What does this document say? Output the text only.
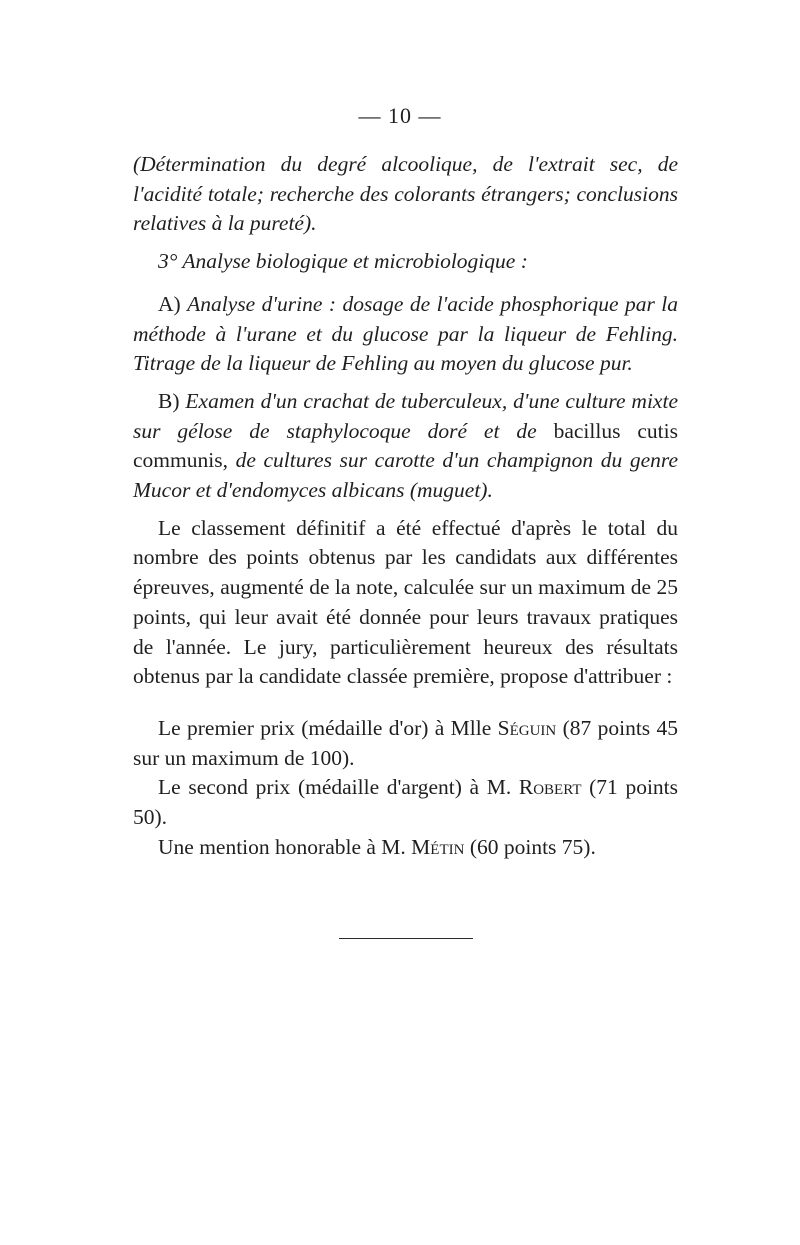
— 10 —

(Détermination du degré alcoolique, de l'extrait sec, de l'acidité totale; recherche des colorants étrangers; conclusions relatives à la pureté).

3° Analyse biologique et microbiologique :

A) Analyse d'urine : dosage de l'acide phosphorique par la méthode à l'urane et du glucose par la liqueur de Fehling. Titrage de la liqueur de Fehling au moyen du glucose pur.

B) Examen d'un crachat de tuberculeux, d'une culture mixte sur gélose de staphylocoque doré et de bacillus cutis communis, de cultures sur carotte d'un champignon du genre Mucor et d'endomyces albicans (muguet).

Le classement définitif a été effectué d'après le total du nombre des points obtenus par les candidats aux différentes épreuves, augmenté de la note, calculée sur un maximum de 25 points, qui leur avait été donnée pour leurs travaux pratiques de l'année. Le jury, particulièrement heureux des résultats obtenus par la candidate classée première, propose d'attribuer :

Le premier prix (médaille d'or) à Mlle Séguin (87 points 45 sur un maximum de 100).

Le second prix (médaille d'argent) à M. Robert (71 points 50).

Une mention honorable à M. Métin (60 points 75).
